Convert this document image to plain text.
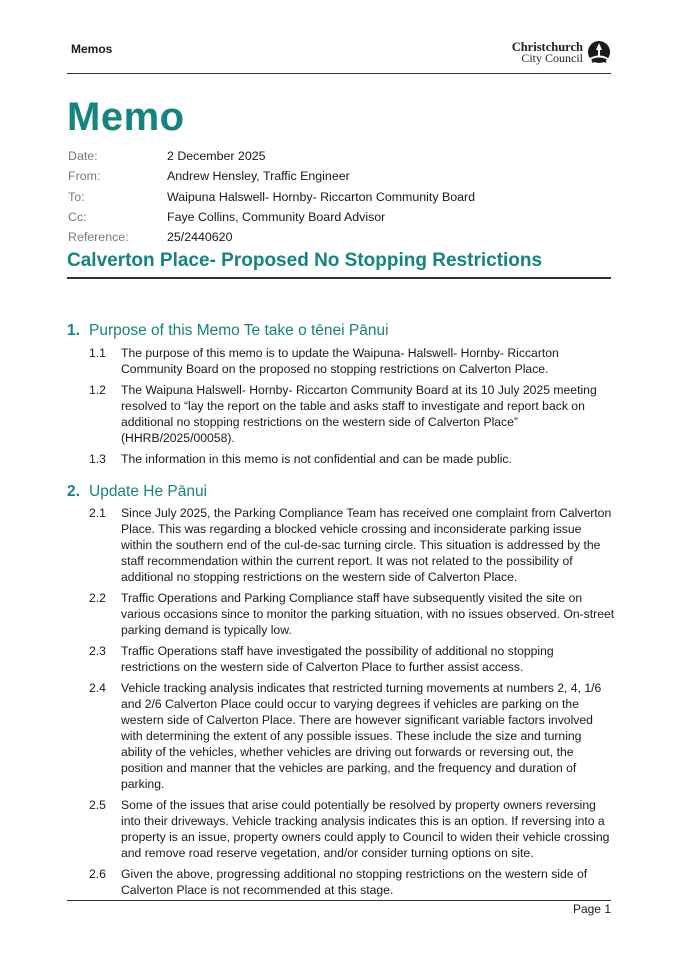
Memos	Christchurch
City Council
Memo
Date:	2 December 2025
From:	Andrew Hensley, Traffic Engineer
To:	Waipuna Halswell- Hornby- Riccarton Community Board
Cc:	Faye Collins, Community Board Advisor
Reference:	25/2440620
Calverton Place- Proposed No Stopping Restrictions
1. Purpose of this Memo Te take o tēnei Pānui
1.1	The purpose of this memo is to update the Waipuna- Halswell- Hornby- Riccarton Community Board on the proposed no stopping restrictions on Calverton Place.
1.2	The Waipuna Halswell- Hornby- Riccarton Community Board at its 10 July 2025 meeting resolved to “lay the report on the table and asks staff to investigate and report back on additional no stopping restrictions on the western side of Calverton Place” (HHRB/2025/00058).
1.3	The information in this memo is not confidential and can be made public.
2. Update He Pānui
2.1	Since July 2025, the Parking Compliance Team has received one complaint from Calverton Place. This was regarding a blocked vehicle crossing and inconsiderate parking issue within the southern end of the cul-de-sac turning circle. This situation is addressed by the staff recommendation within the current report. It was not related to the possibility of additional no stopping restrictions on the western side of Calverton Place.
2.2	Traffic Operations and Parking Compliance staff have subsequently visited the site on various occasions since to monitor the parking situation, with no issues observed. On-street parking demand is typically low.
2.3	Traffic Operations staff have investigated the possibility of additional no stopping restrictions on the western side of Calverton Place to further assist access.
2.4	Vehicle tracking analysis indicates that restricted turning movements at numbers 2, 4, 1/6 and 2/6 Calverton Place could occur to varying degrees if vehicles are parking on the western side of Calverton Place. There are however significant variable factors involved with determining the extent of any possible issues. These include the size and turning ability of the vehicles, whether vehicles are driving out forwards or reversing out, the position and manner that the vehicles are parking, and the frequency and duration of parking.
2.5	Some of the issues that arise could potentially be resolved by property owners reversing into their driveways. Vehicle tracking analysis indicates this is an option. If reversing into a property is an issue, property owners could apply to Council to widen their vehicle crossing and remove road reserve vegetation, and/or consider turning options on site.
2.6	Given the above, progressing additional no stopping restrictions on the western side of Calverton Place is not recommended at this stage.
Page 1
